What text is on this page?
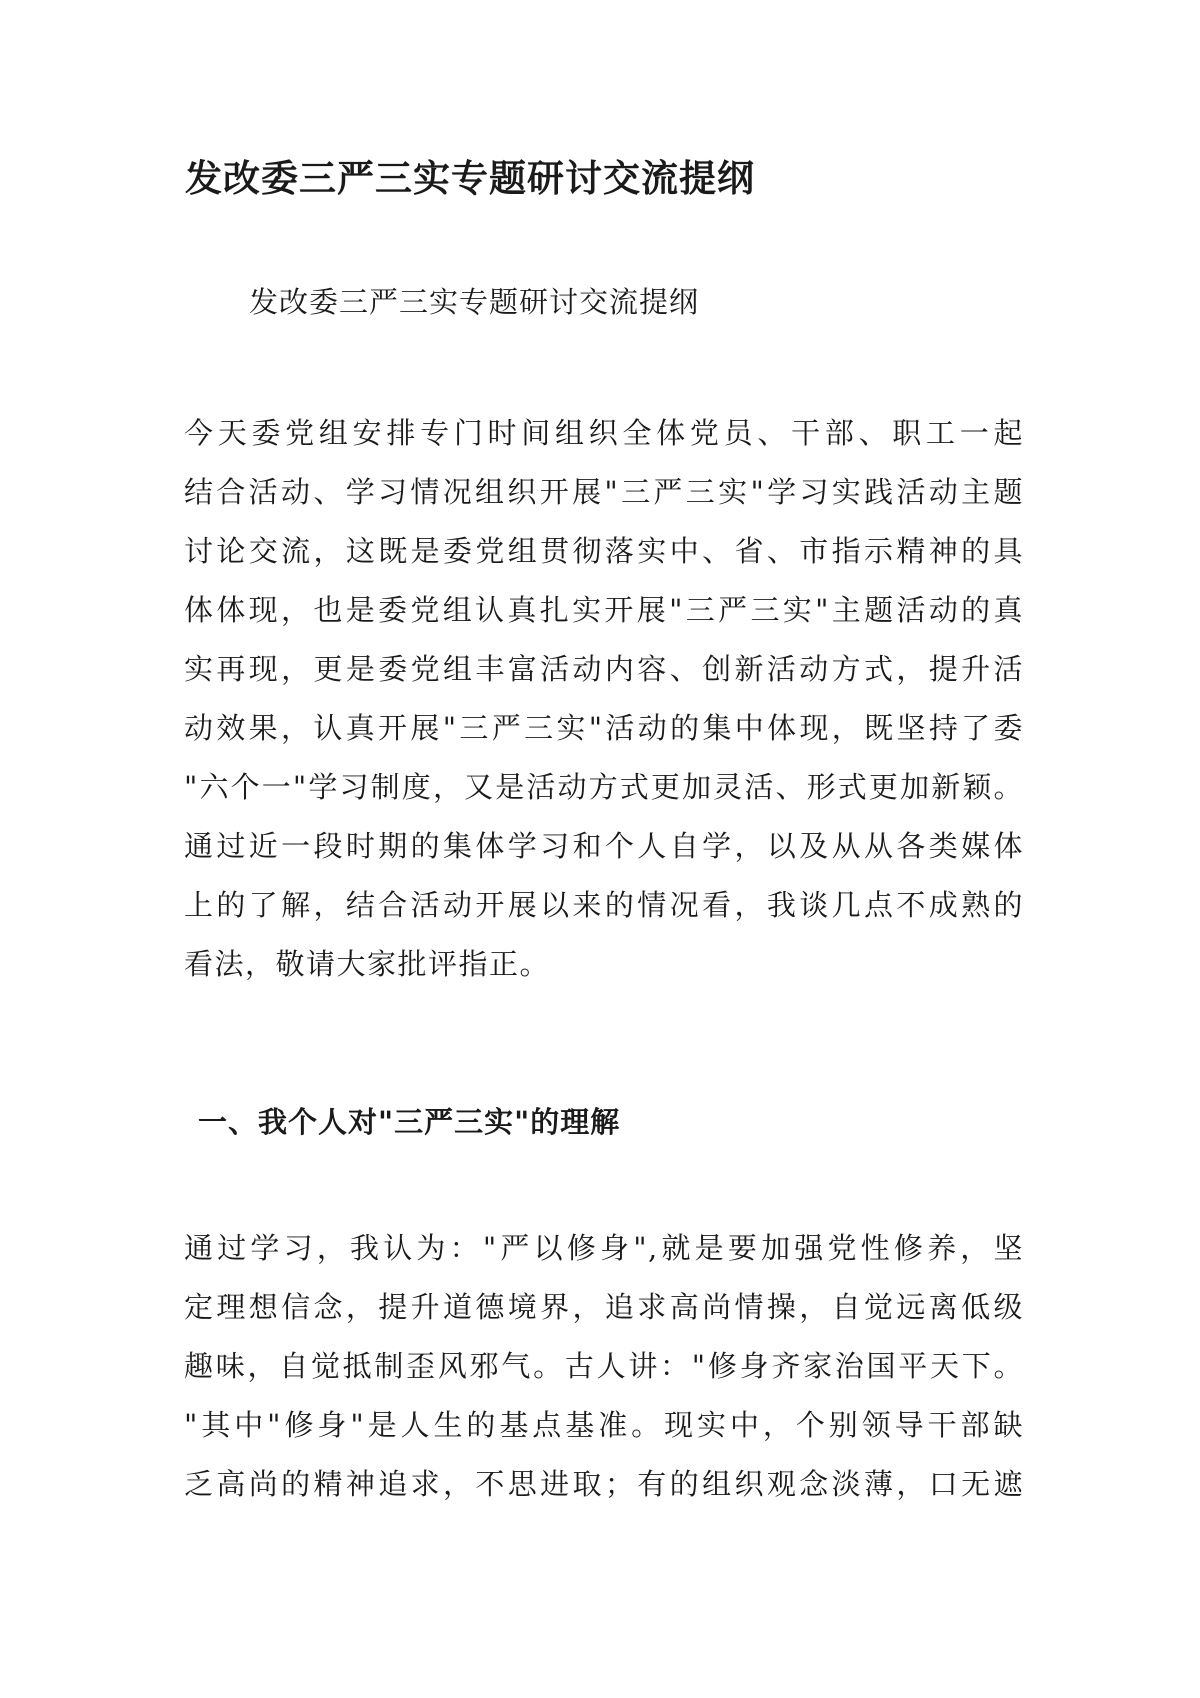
发改委三严三实专题研讨交流提纲

发改委三严三实专题研讨交流提纲

今天委党组安排专门时间组织全体党员、干部、职工一起
结合活动、学习情况组织开展"三严三实"学习实践活动主题
讨论交流，这既是委党组贯彻落实中、省、市指示精神的具
体体现，也是委党组认真扎实开展"三严三实"主题活动的真
实再现，更是委党组丰富活动内容、创新活动方式，提升活
动效果，认真开展"三严三实"活动的集中体现，既坚持了委
"六个一"学习制度，又是活动方式更加灵活、形式更加新颖。
通过近一段时期的集体学习和个人自学，以及从从各类媒体
上的了解，结合活动开展以来的情况看，我谈几点不成熟的
看法，敬请大家批评指正。
一、我个人对"三严三实"的理解
通过学习，我认为："严以修身",就是要加强党性修养，坚
定理想信念，提升道德境界，追求高尚情操，自觉远离低级
趣味，自觉抵制歪风邪气。古人讲："修身齐家治国平天下。
"其中"修身"是人生的基点基准。现实中，个别领导干部缺
乏高尚的精神追求，不思进取；有的组织观念淡薄，口无遮
